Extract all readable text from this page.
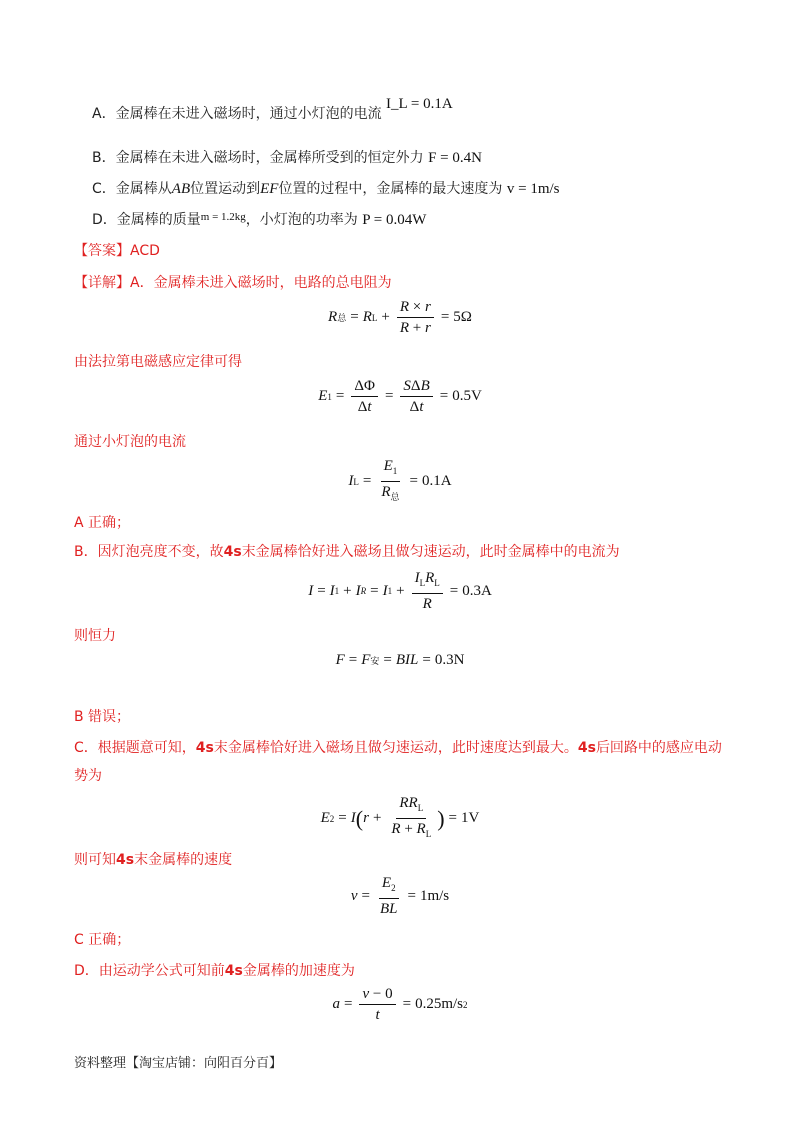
A．金属棒在未进入磁场时，通过小灯泡的电流 I_L = 0.1A
B．金属棒在未进入磁场时，金属棒所受到的恒定外力 F = 0.4N
C．金属棒从AB位置运动到EF位置的过程中，金属棒的最大速度为 v = 1m/s
D．金属棒的质量$^{m = 1.2kg}$，小灯泡的功率为 P = 0.04W
【答案】ACD
【详解】A．金属棒未进入磁场时，电路的总电阻为
R 总 = R $L + \frac{R \times r}{R + r} = 5\Omega$
由法拉第电磁感应定律可得
E $1 = \frac{\Delta\Phi}{\Delta t} = \frac{\text{SΔB}}{\Delta t} = 0.5V$
通过小灯泡的电流
I $L = \frac{E_1}{R_总} = 0.1A$
A 正确；
B．因灯泡亮度不变，故4s末金属棒恰好进入磁场且做匀速运动，此时金属棒中的电流为
I = I 1 + I R = I $1 + \frac{I_LR_L}{R} = 0.3A$
则恒力
F = F 安 = BIL = 0.3N
B 错误；
C．根据题意可知，4s末金属棒恰好进入磁场且做匀速运动，此时速度达到最大。4s后回路中的感应电动
势为
E 2 = I ( $r + \frac{RR_L}{R + R_L}$ ) = 1V
则可知4s末金属棒的速度
$v = \frac{E_2}{BL} = 1m/s$
C 正确；
D．由运动学公式可知前4s金属棒的加速度为
$a = \frac{v - 0}{t} = 0.25m/s$ 2
资料整理【淘宝店铺：向阳百分百】
